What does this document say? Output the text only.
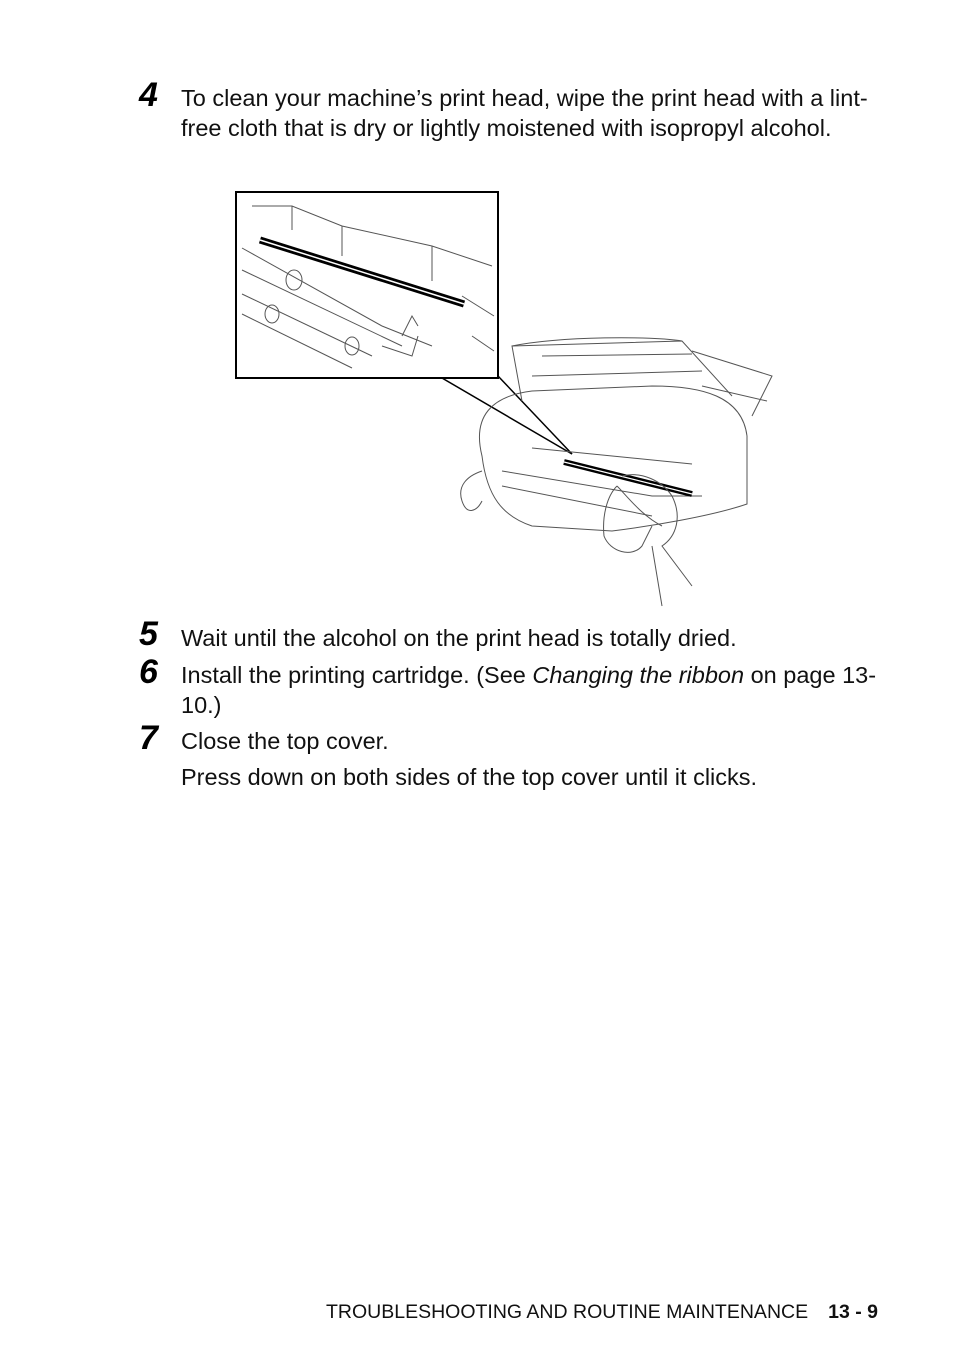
4 To clean your machine’s print head, wipe the print head with a lint-free cloth that is dry or lightly moistened with isopropyl alcohol.
5 Wait until the alcohol on the print head is totally dried.
6 Install the printing cartridge. (See Changing the ribbon on page 13-10.)
7 Close the top cover.
Press down on both sides of the top cover until it clicks.
TROUBLESHOOTING AND ROUTINE MAINTENANCE 13 - 9
